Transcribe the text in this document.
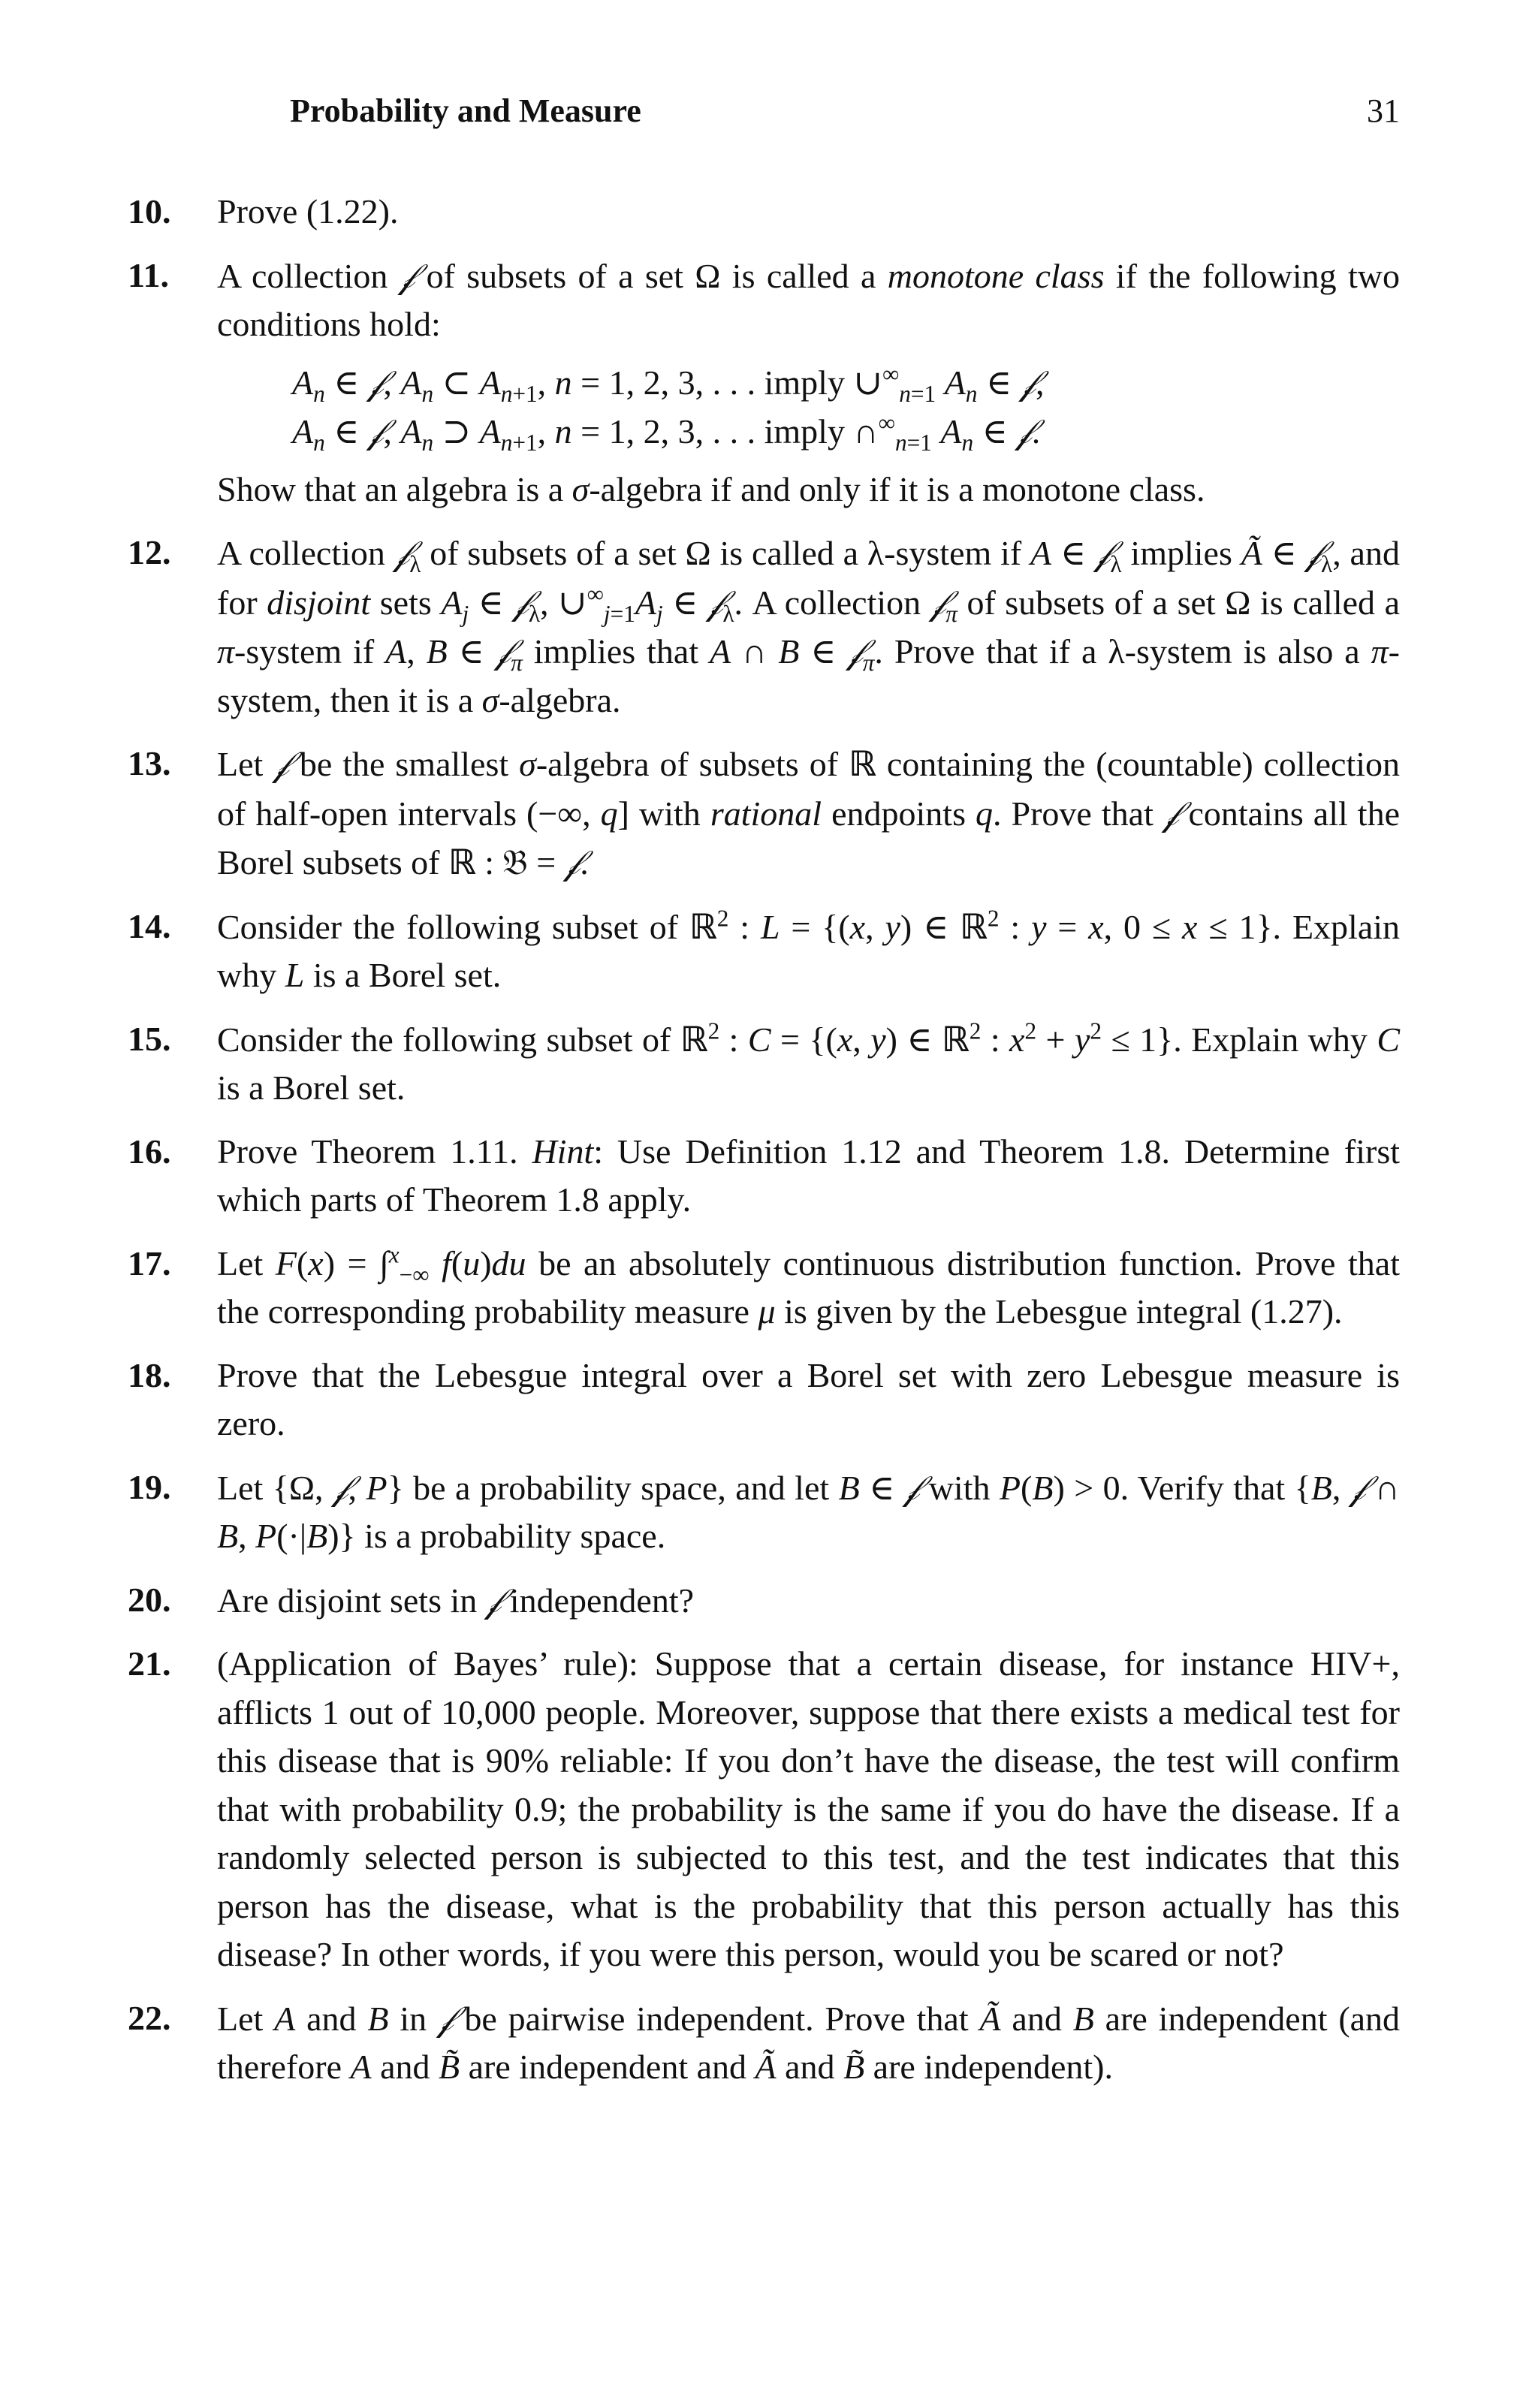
Probability and Measure	31
10.	Prove (1.22).

11.	A collection 𝒻 of subsets of a set Ω is called a monotone class if the following two conditions hold:

$A_n$ ∈ 𝒻, $A_n$ ⊂ $A_{n+1}$, n = 1, 2, 3, . . . imply $\cup^\infty_{n=1}$ $A_n$ ∈ 𝒻,
$A_n$ ∈ 𝒻, $A_n$ ⊃ $A_{n+1}$, n = 1, 2, 3, . . . imply $\cap^\infty_{n=1}$ $A_n$ ∈ 𝒻.

Show that an algebra is a σ-algebra if and only if it is a monotone class.

12.	A collection 𝒻$_\lambda$ of subsets of a set Ω is called a λ-system if A ∈ 𝒻$_\lambda$ implies Ã ∈ 𝒻$_\lambda$, and for disjoint sets $A_j$ ∈ 𝒻$_\lambda$, $\cup^\infty_{j=1}A_j$ ∈ 𝒻$_\lambda$. A collection 𝒻$_\pi$ of subsets of a set Ω is called a π-system if A, B ∈ 𝒻$_\pi$ implies that A ∩ B ∈ 𝒻$_\pi$. Prove that if a λ-system is also a π-system, then it is a σ-algebra.

13.	Let 𝒻 be the smallest σ-algebra of subsets of ℝ containing the (countable) collection of half-open intervals (−∞, q] with rational endpoints q. Prove that 𝒻 contains all the Borel subsets of ℝ : 𝔅 = 𝒻.

14.	Consider the following subset of ℝ$^2$ : L = {(x, y) ∈ ℝ$^2$ : y = x, 0 ≤ x ≤ 1}. Explain why L is a Borel set.

15.	Consider the following subset of ℝ$^2$ : C = {(x, y) ∈ ℝ$^2$ : $x^2 + y^2 \le 1$}. Explain why C is a Borel set.

16.	Prove Theorem 1.11. Hint: Use Definition 1.12 and Theorem 1.8. Determine first which parts of Theorem 1.8 apply.

17.	Let F(x) = ∫$^x_{-\infty}$ f(u)du be an absolutely continuous distribution function. Prove that the corresponding probability measure μ is given by the Lebesgue integral (1.27).

18.	Prove that the Lebesgue integral over a Borel set with zero Lebesgue measure is zero.

19.	Let {Ω, 𝒻, P} be a probability space, and let B ∈ 𝒻 with P(B) > 0. Verify that {B, 𝒻 ∩ B, P(·|B)} is a probability space.

20.	Are disjoint sets in 𝒻 independent?

21.	(Application of Bayes’ rule): Suppose that a certain disease, for instance HIV+, afflicts 1 out of 10,000 people. Moreover, suppose that there exists a medical test for this disease that is 90% reliable: If you don’t have the disease, the test will confirm that with probability 0.9; the probability is the same if you do have the disease. If a randomly selected person is subjected to this test, and the test indicates that this person has the disease, what is the probability that this person actually has this disease? In other words, if you were this person, would you be scared or not?
22.	Let A and B in 𝒻 be pairwise independent. Prove that Ã and B are independent (and therefore A and B̃ are independent and Ã and B̃ are independent).
